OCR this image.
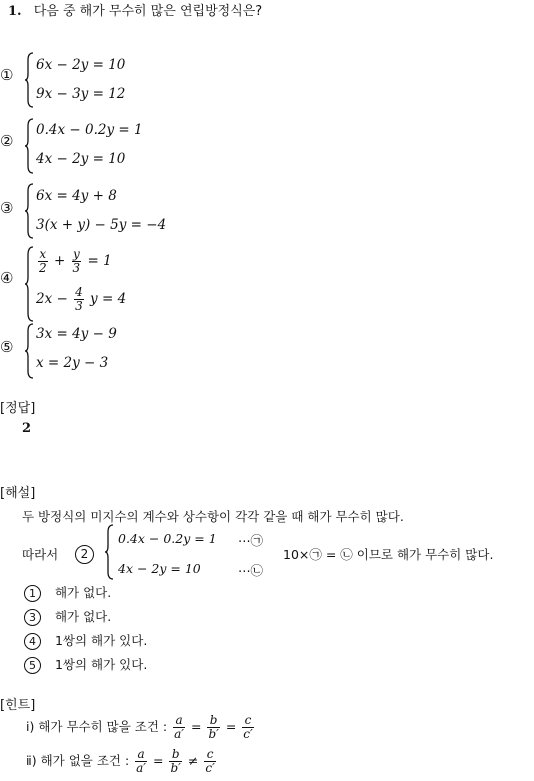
1. 다음 중 해가 무수히 많은 연립방정식은?
①
6x − 2y = 10
9x − 3y = 12
②
0.4x − 0.2y = 1
4x − 2y = 10
③
6x = 4y + 8
3(x + y) − 5y = −4
④
$\frac{x}{2} + \frac{y}{3} = 1$
$2x - \frac{4}{3}$ y = 4
⑤
3x = 4y − 9
x = 2y − 3
[정답]
2
[해설]
두 방정식의 미지수의 계수와 상수항이 각각 같을 때 해가 무수히 많다.
따라서	2
0.4x − 0.2y = 1 ⋯㉠
4x − 2y = 10	⋯㉡
10×㉠ = ㉡ 이므로 해가 무수히 많다.
1 해가 없다.
3 해가 없다.
4 1쌍의 해가 있다.
5 1쌍의 해가 있다.
[힌트]
ⅰ) 해가 무수히 많을 조건 : $\frac{a}{a'} = \frac{b}{b'} = \frac{c}{c'}$
ⅱ) 해가 없을 조건 : $\frac{a}{a'} = \frac{b}{b'} \ne \frac{c}{c'}$
